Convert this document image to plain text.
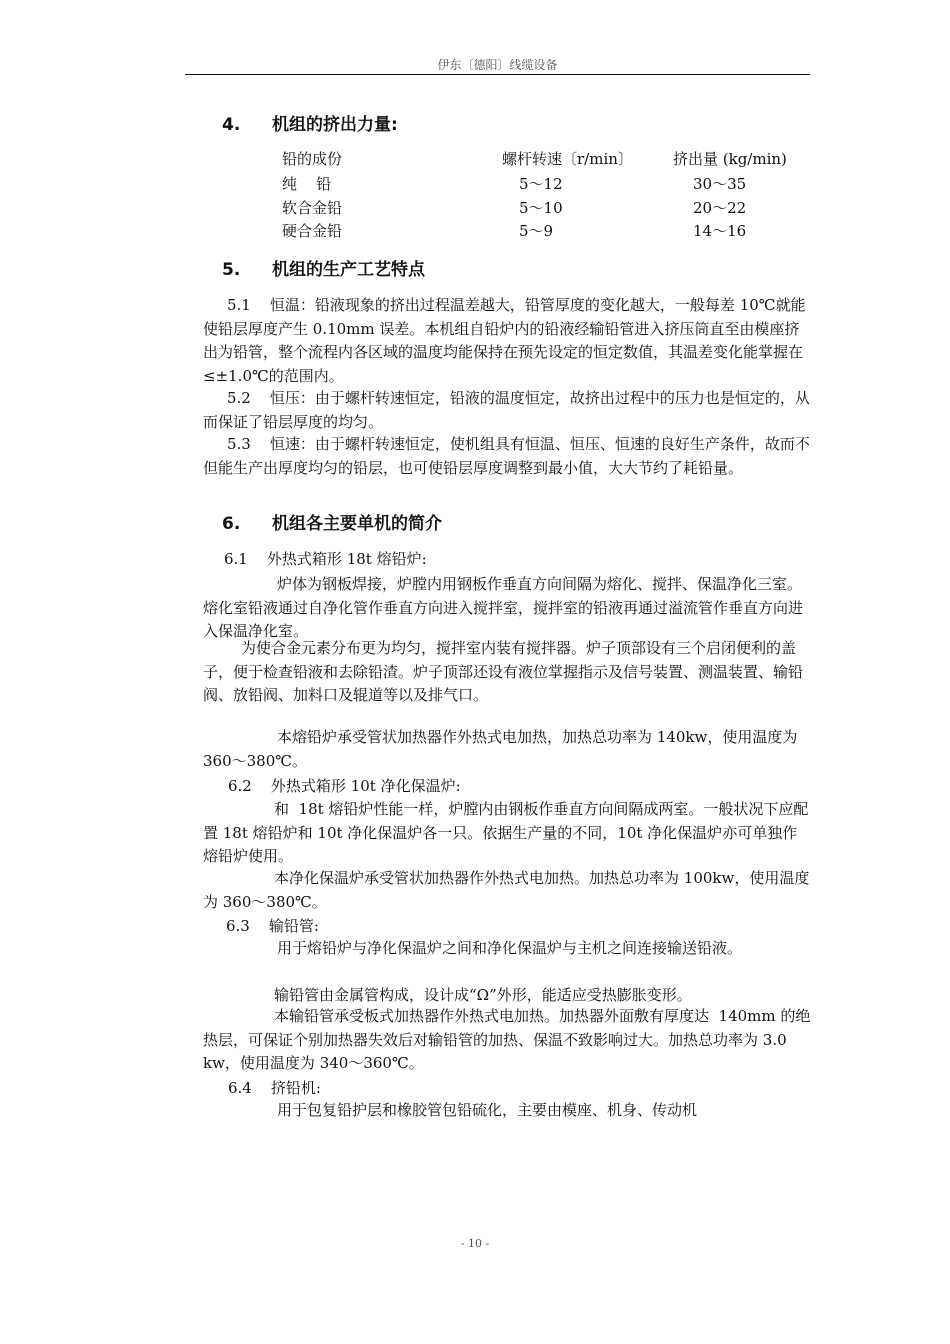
伊东〔德阳〕线缆设备
4. 机组的挤出力量:
铅的成份	螺杆转速〔r/min〕	挤出量 (kg/min)
纯    铅	5～12	30～35
软合金铅	5～10	20～22
硬合金铅	5～9	14～16
5. 机组的生产工艺特点
5.1    恒温：铅液现象的挤出过程温差越大，铅管厚度的变化越大，一般每差 10℃就能使铅层厚度产生 0.10mm 误差。本机组自铅炉内的铅液经输铅管进入挤压筒直至由模座挤出为铅管，整个流程内各区域的温度均能保持在预先设定的恒定数值，其温差变化能掌握在≤±1.0℃的范围内。
5.2    恒压：由于螺杆转速恒定，铅液的温度恒定，故挤出过程中的压力也是恒定的，从而保证了铅层厚度的均匀。
5.3    恒速：由于螺杆转速恒定，使机组具有恒温、恒压、恒速的良好生产条件，故而不但能生产出厚度均匀的铅层，也可使铅层厚度调整到最小值，大大节约了耗铅量。
6. 机组各主要单机的简介
6.1    外热式箱形 18t 熔铅炉:
炉体为钢板焊接，炉膛内用钢板作垂直方向间隔为熔化、搅拌、保温净化三室。熔化室铅液通过自净化管作垂直方向进入搅拌室，搅拌室的铅液再通过溢流管作垂直方向进入保温净化室。
为使合金元素分布更为均匀，搅拌室内装有搅拌器。炉子顶部设有三个启闭便利的盖子，便于检查铅液和去除铅渣。炉子顶部还设有液位掌握指示及信号装置、测温装置、输铅阀、放铅阀、加料口及辊道等以及排气口。
本熔铅炉承受管状加热器作外热式电加热，加热总功率为 140kw，使用温度为 360～380℃。
6.2    外热式箱形 10t 净化保温炉:
和  18t 熔铅炉性能一样，炉膛内由钢板作垂直方向间隔成两室。一般状况下应配置 18t 熔铅炉和 10t 净化保温炉各一只。依据生产量的不同，10t 净化保温炉亦可单独作熔铅炉使用。
本净化保温炉承受管状加热器作外热式电加热。加热总功率为 100kw，使用温度为 360～380℃。
6.3    输铅管:
用于熔铅炉与净化保温炉之间和净化保温炉与主机之间连接输送铅液。
输铅管由金属管构成，设计成“Ω”外形，能适应受热膨胀变形。
本输铅管承受板式加热器作外热式电加热。加热器外面敷有厚度达  140mm 的绝热层，可保证个别加热器失效后对输铅管的加热、保温不致影响过大。加热总功率为 3.0 kw，使用温度为 340～360℃。
6.4    挤铅机:
用于包复铅护层和橡胶管包铅硫化，主要由模座、机身、传动机
- 10 -
